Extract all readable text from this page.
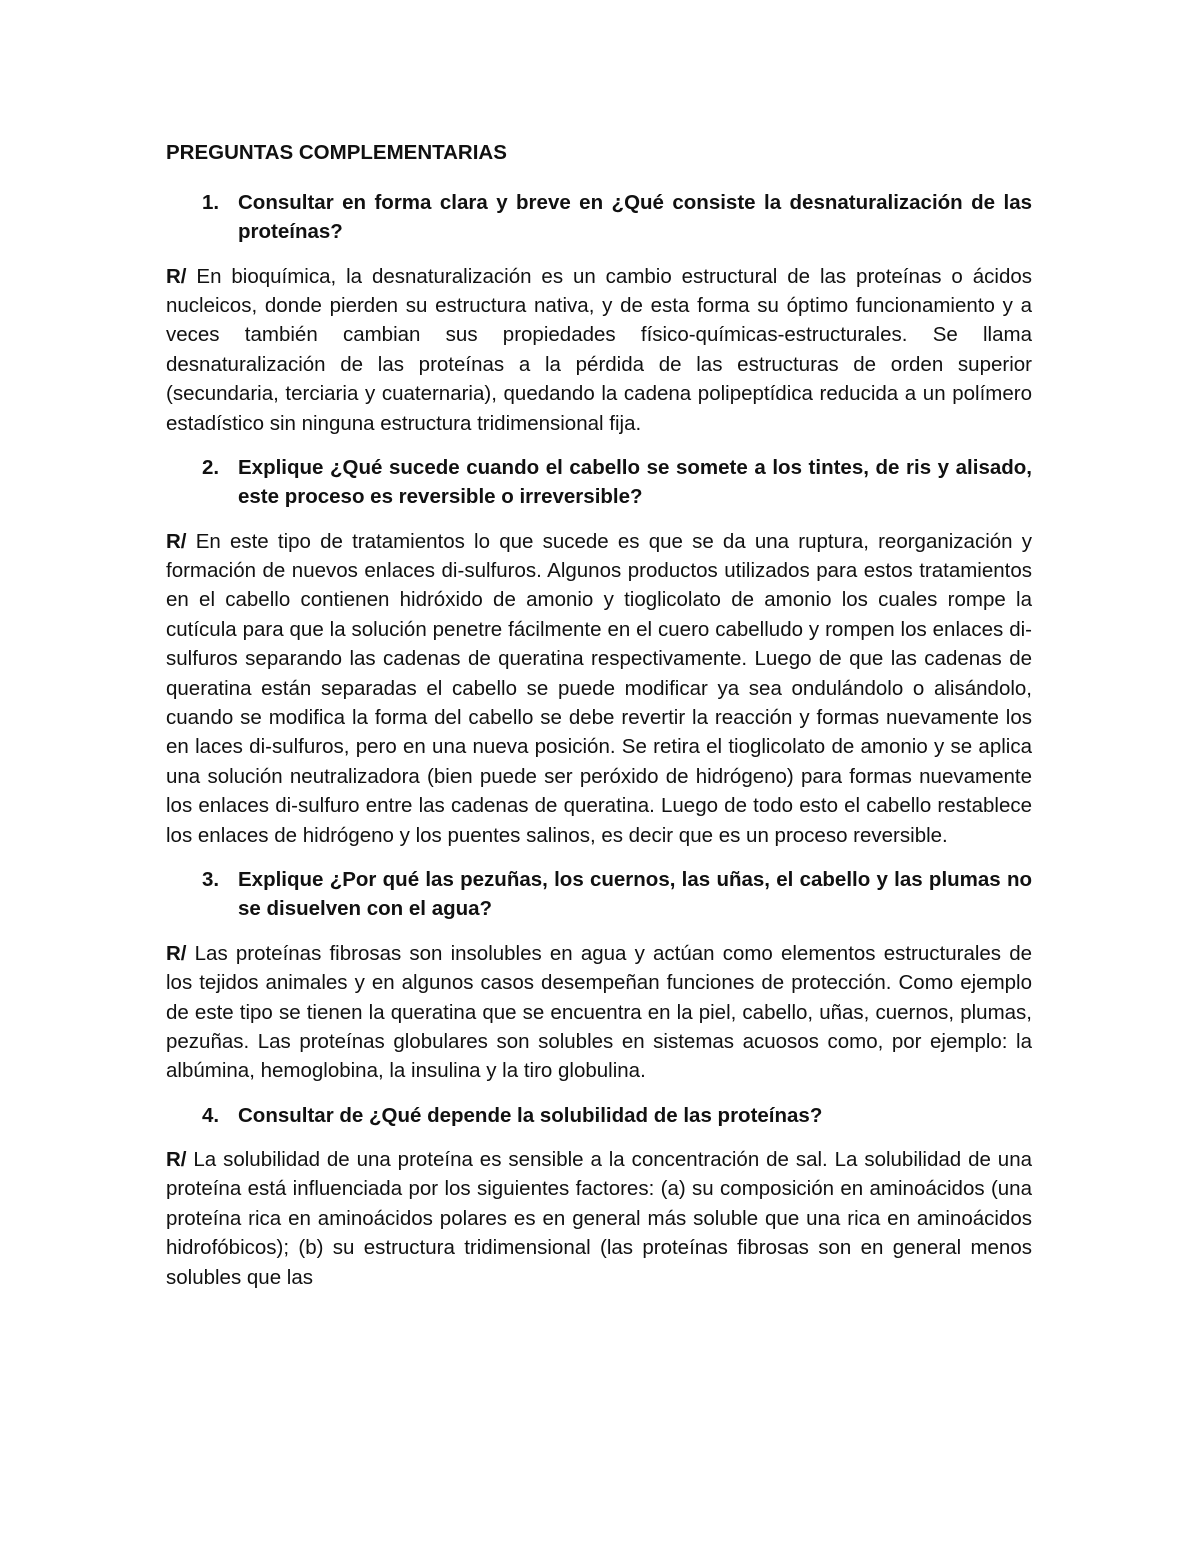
PREGUNTAS COMPLEMENTARIAS
1. Consultar en forma clara y breve en ¿Qué consiste la desnaturalización de las proteínas?
R/ En bioquímica, la desnaturalización es un cambio estructural de las proteínas o ácidos nucleicos, donde pierden su estructura nativa, y de esta forma su óptimo funcionamiento y a veces también cambian sus propiedades físico-químicas-estructurales. Se llama desnaturalización de las proteínas a la pérdida de las estructuras de orden superior (secundaria, terciaria y cuaternaria), quedando la cadena polipeptídica reducida a un polímero estadístico sin ninguna estructura tridimensional fija.
2. Explique ¿Qué sucede cuando el cabello se somete a los tintes, de ris y alisado, este proceso es reversible o irreversible?
R/ En este tipo de tratamientos lo que sucede es que se da una ruptura, reorganización y formación de nuevos enlaces di-sulfuros. Algunos productos utilizados para estos tratamientos en el cabello contienen hidróxido de amonio y tioglicolato de amonio los cuales rompe la cutícula para que la solución penetre fácilmente en el cuero cabelludo y rompen los enlaces di-sulfuros separando las cadenas de queratina respectivamente. Luego de que las cadenas de queratina están separadas el cabello se puede modificar ya sea ondulándolo o alisándolo, cuando se modifica la forma del cabello se debe revertir la reacción y formas nuevamente los en laces di-sulfuros, pero en una nueva posición. Se retira el tioglicolato de amonio y se aplica una solución neutralizadora (bien puede ser peróxido de hidrógeno) para formas nuevamente los enlaces di-sulfuro entre las cadenas de queratina. Luego de todo esto el cabello restablece los enlaces de hidrógeno y los puentes salinos, es decir que es un proceso reversible.
3. Explique ¿Por qué las pezuñas, los cuernos, las uñas, el cabello y las plumas no se disuelven con el agua?
R/ Las proteínas fibrosas son insolubles en agua y actúan como elementos estructurales de los tejidos animales y en algunos casos desempeñan funciones de protección. Como ejemplo de este tipo se tienen la queratina que se encuentra en la piel, cabello, uñas, cuernos, plumas, pezuñas. Las proteínas globulares son solubles en sistemas acuosos como, por ejemplo: la albúmina, hemoglobina, la insulina y la tiro globulina.
4. Consultar de ¿Qué depende la solubilidad de las proteínas?
R/ La solubilidad de una proteína es sensible a la concentración de sal. La solubilidad de una proteína está influenciada por los siguientes factores: (a) su composición en aminoácidos (una proteína rica en aminoácidos polares es en general más soluble que una rica en aminoácidos hidrofóbicos); (b) su estructura tridimensional (las proteínas fibrosas son en general menos solubles que las
